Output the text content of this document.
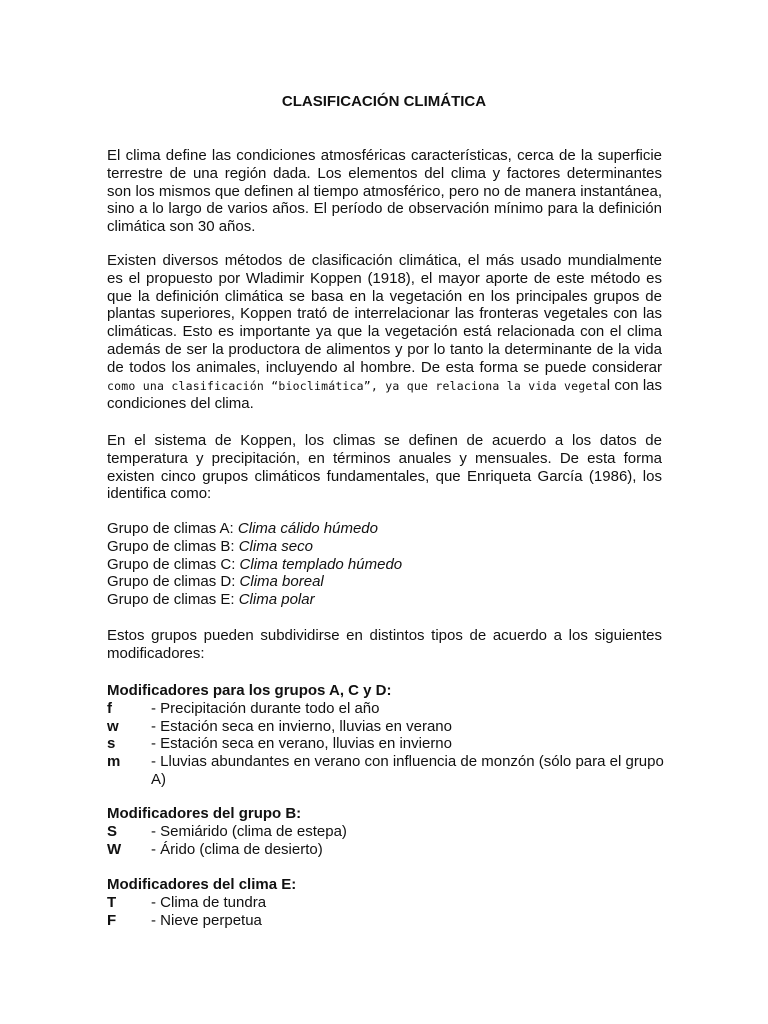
CLASIFICACIÓN CLIMÁTICA

El clima define las condiciones atmosféricas características, cerca de la superficie terrestre de una región dada. Los elementos del clima y factores determinantes son los mismos que definen al tiempo atmosférico, pero no de manera instantánea, sino a lo largo de varios años. El período de observación mínimo para la definición climática son 30 años.

Existen diversos métodos de clasificación climática, el más usado mundialmente es el propuesto por Wladimir Koppen (1918), el mayor aporte de este método es que la definición climática se basa en la vegetación en los principales grupos de plantas superiores, Koppen trató de interrelacionar las fronteras vegetales con las climáticas. Esto es importante ya que la vegetación está relacionada con el clima además de ser la productora de alimentos y por lo tanto la determinante de la vida de todos los animales, incluyendo al hombre. De esta forma se puede considerar como una clasificación “bioclimática”, ya que relaciona la vida vegetal con las condiciones del clima.

En el sistema de Koppen, los climas se definen de acuerdo a los datos de temperatura y precipitación, en términos anuales y mensuales. De esta forma existen cinco grupos climáticos fundamentales, que Enriqueta García (1986), los identifica como:

Grupo de climas A: Clima cálido húmedo

Grupo de climas B: Clima seco

Grupo de climas C: Clima templado húmedo

Grupo de climas D: Clima boreal

Grupo de climas E: Clima polar

Estos grupos pueden subdividirse en distintos tipos de acuerdo a los siguientes modificadores:

Modificadores para los grupos A, C y D:

f	- Precipitación durante todo el año
w	- Estación seca en invierno, lluvias en verano
s	- Estación seca en verano, lluvias en invierno
m	- Lluvias abundantes en verano con influencia de monzón (sólo para el grupo A)

Modificadores del grupo B:

S	- Semiárido (clima de estepa)
W	- Árido (clima de desierto)

Modificadores del clima E:

T	- Clima de tundra
F	- Nieve perpetua
